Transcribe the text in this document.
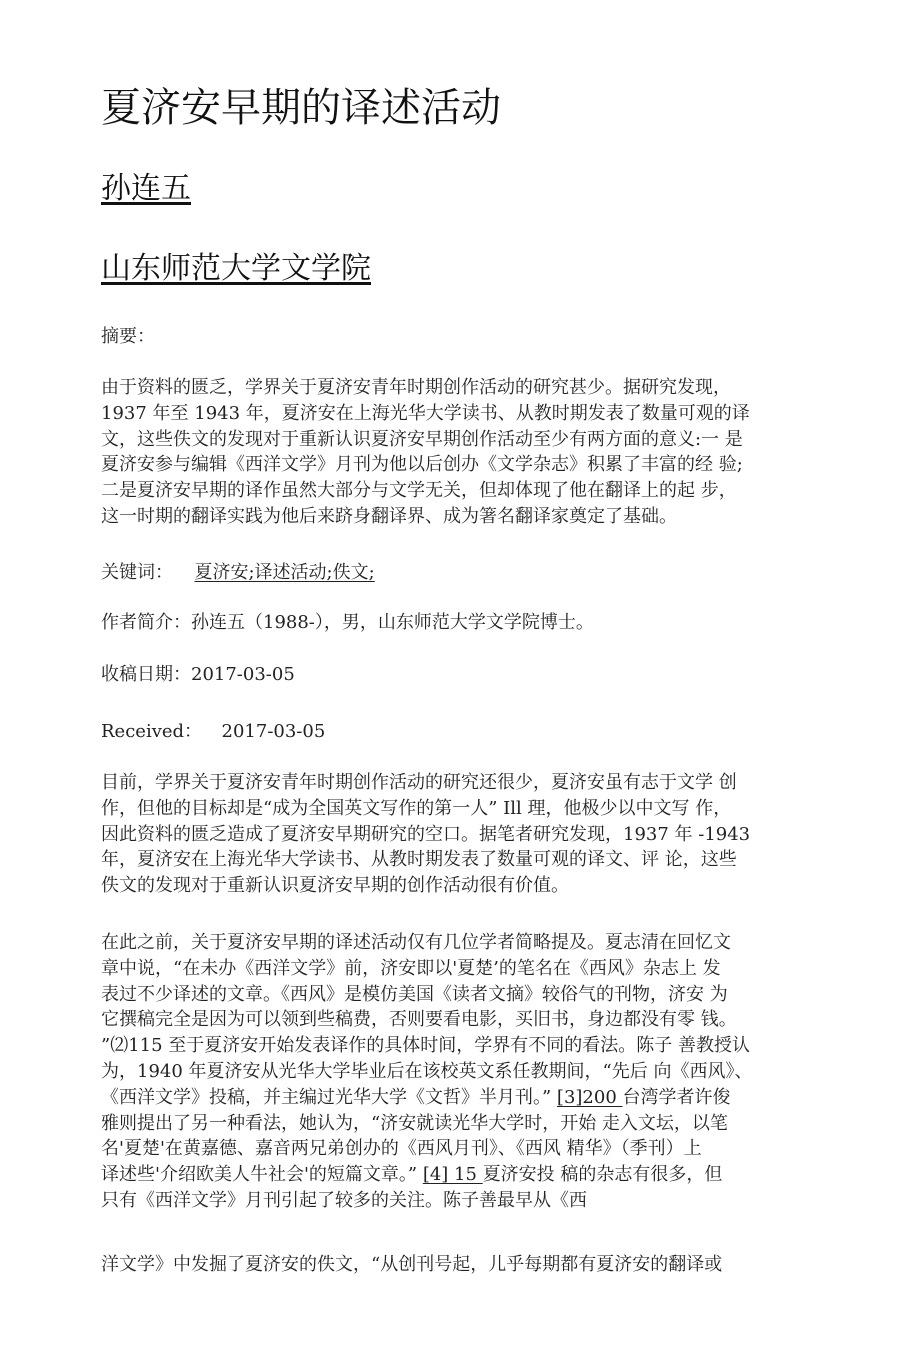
夏济安早期的译述活动
孙连五
山东师范大学文学院
摘要：
由于资料的匮乏，学界关于夏济安青年时期创作活动的研究甚少。据研究发现，
1937 年至 1943 年，夏济安在上海光华大学读书、从教时期发表了数量可观的译
文，这些佚文的发现对于重新认识夏济安早期创作活动至少有两方面的意义:一 是
夏济安参与编辑《西洋文学》月刊为他以后创办《文学杂志》积累了丰富的经 验;
二是夏济安早期的译作虽然大部分与文学无关，但却体现了他在翻译上的起 步，
这一时期的翻译实践为他后来跻身翻译界、成为箸名翻译家奠定了基础。
关键词： 夏济安;译述活动;佚文;
作者简介：孙连五（1988-），男，山东师范大学文学院博士。
收稿日期：2017-03-05
Received： 2017-03-05
目前，学界关于夏济安青年时期创作活动的研究还很少，夏济安虽有志于文学 创
作，但他的目标却是“成为全国英文写作的第一人” Ill 理，他极少以中文写 作，
因此资料的匮乏造成了夏济安早期研究的空口。据笔者研究发现，1937 年 -1943
年，夏济安在上海光华大学读书、从教时期发表了数量可观的译文、评 论，这些
佚文的发现对于重新认识夏济安早期的创作活动很有价值。
在此之前，关于夏济安早期的译述活动仅有几位学者简略提及。夏志清在回忆文
章中说，“在未办《西洋文学》前，济安即以'夏楚’的笔名在《西风》杂志上 发
表过不少译述的文章。《西风》是模仿美国《读者文摘》较俗气的刊物，济安 为
它撰稿完全是因为可以领到些稿费，否则要看电影，买旧书，身边都没有零 钱。
”⑵115 至于夏济安开始发表译作的具体时间，学界有不同的看法。陈子 善教授认
为，1940 年夏济安从光华大学毕业后在该校英文系任教期间，“先后 向《西风》、
《西洋文学》投稿，并主编过光华大学《文哲》半月刊。” [3]200 台湾学者许俊
雅则提出了另一种看法，她认为，“济安就读光华大学时，开始 走入文坛，以笔
名'夏楚'在黄嘉德、嘉音两兄弟创办的《西风月刊》、《西风 精华》（季刊）上
译述些'介绍欧美人牛社会'的短篇文章。” [4] 15 夏济安投 稿的杂志有很多，但
只有《西洋文学》月刊引起了较多的关注。陈子善最早从《西
洋文学》中发掘了夏济安的佚文，“从创刊号起，儿乎每期都有夏济安的翻译或
